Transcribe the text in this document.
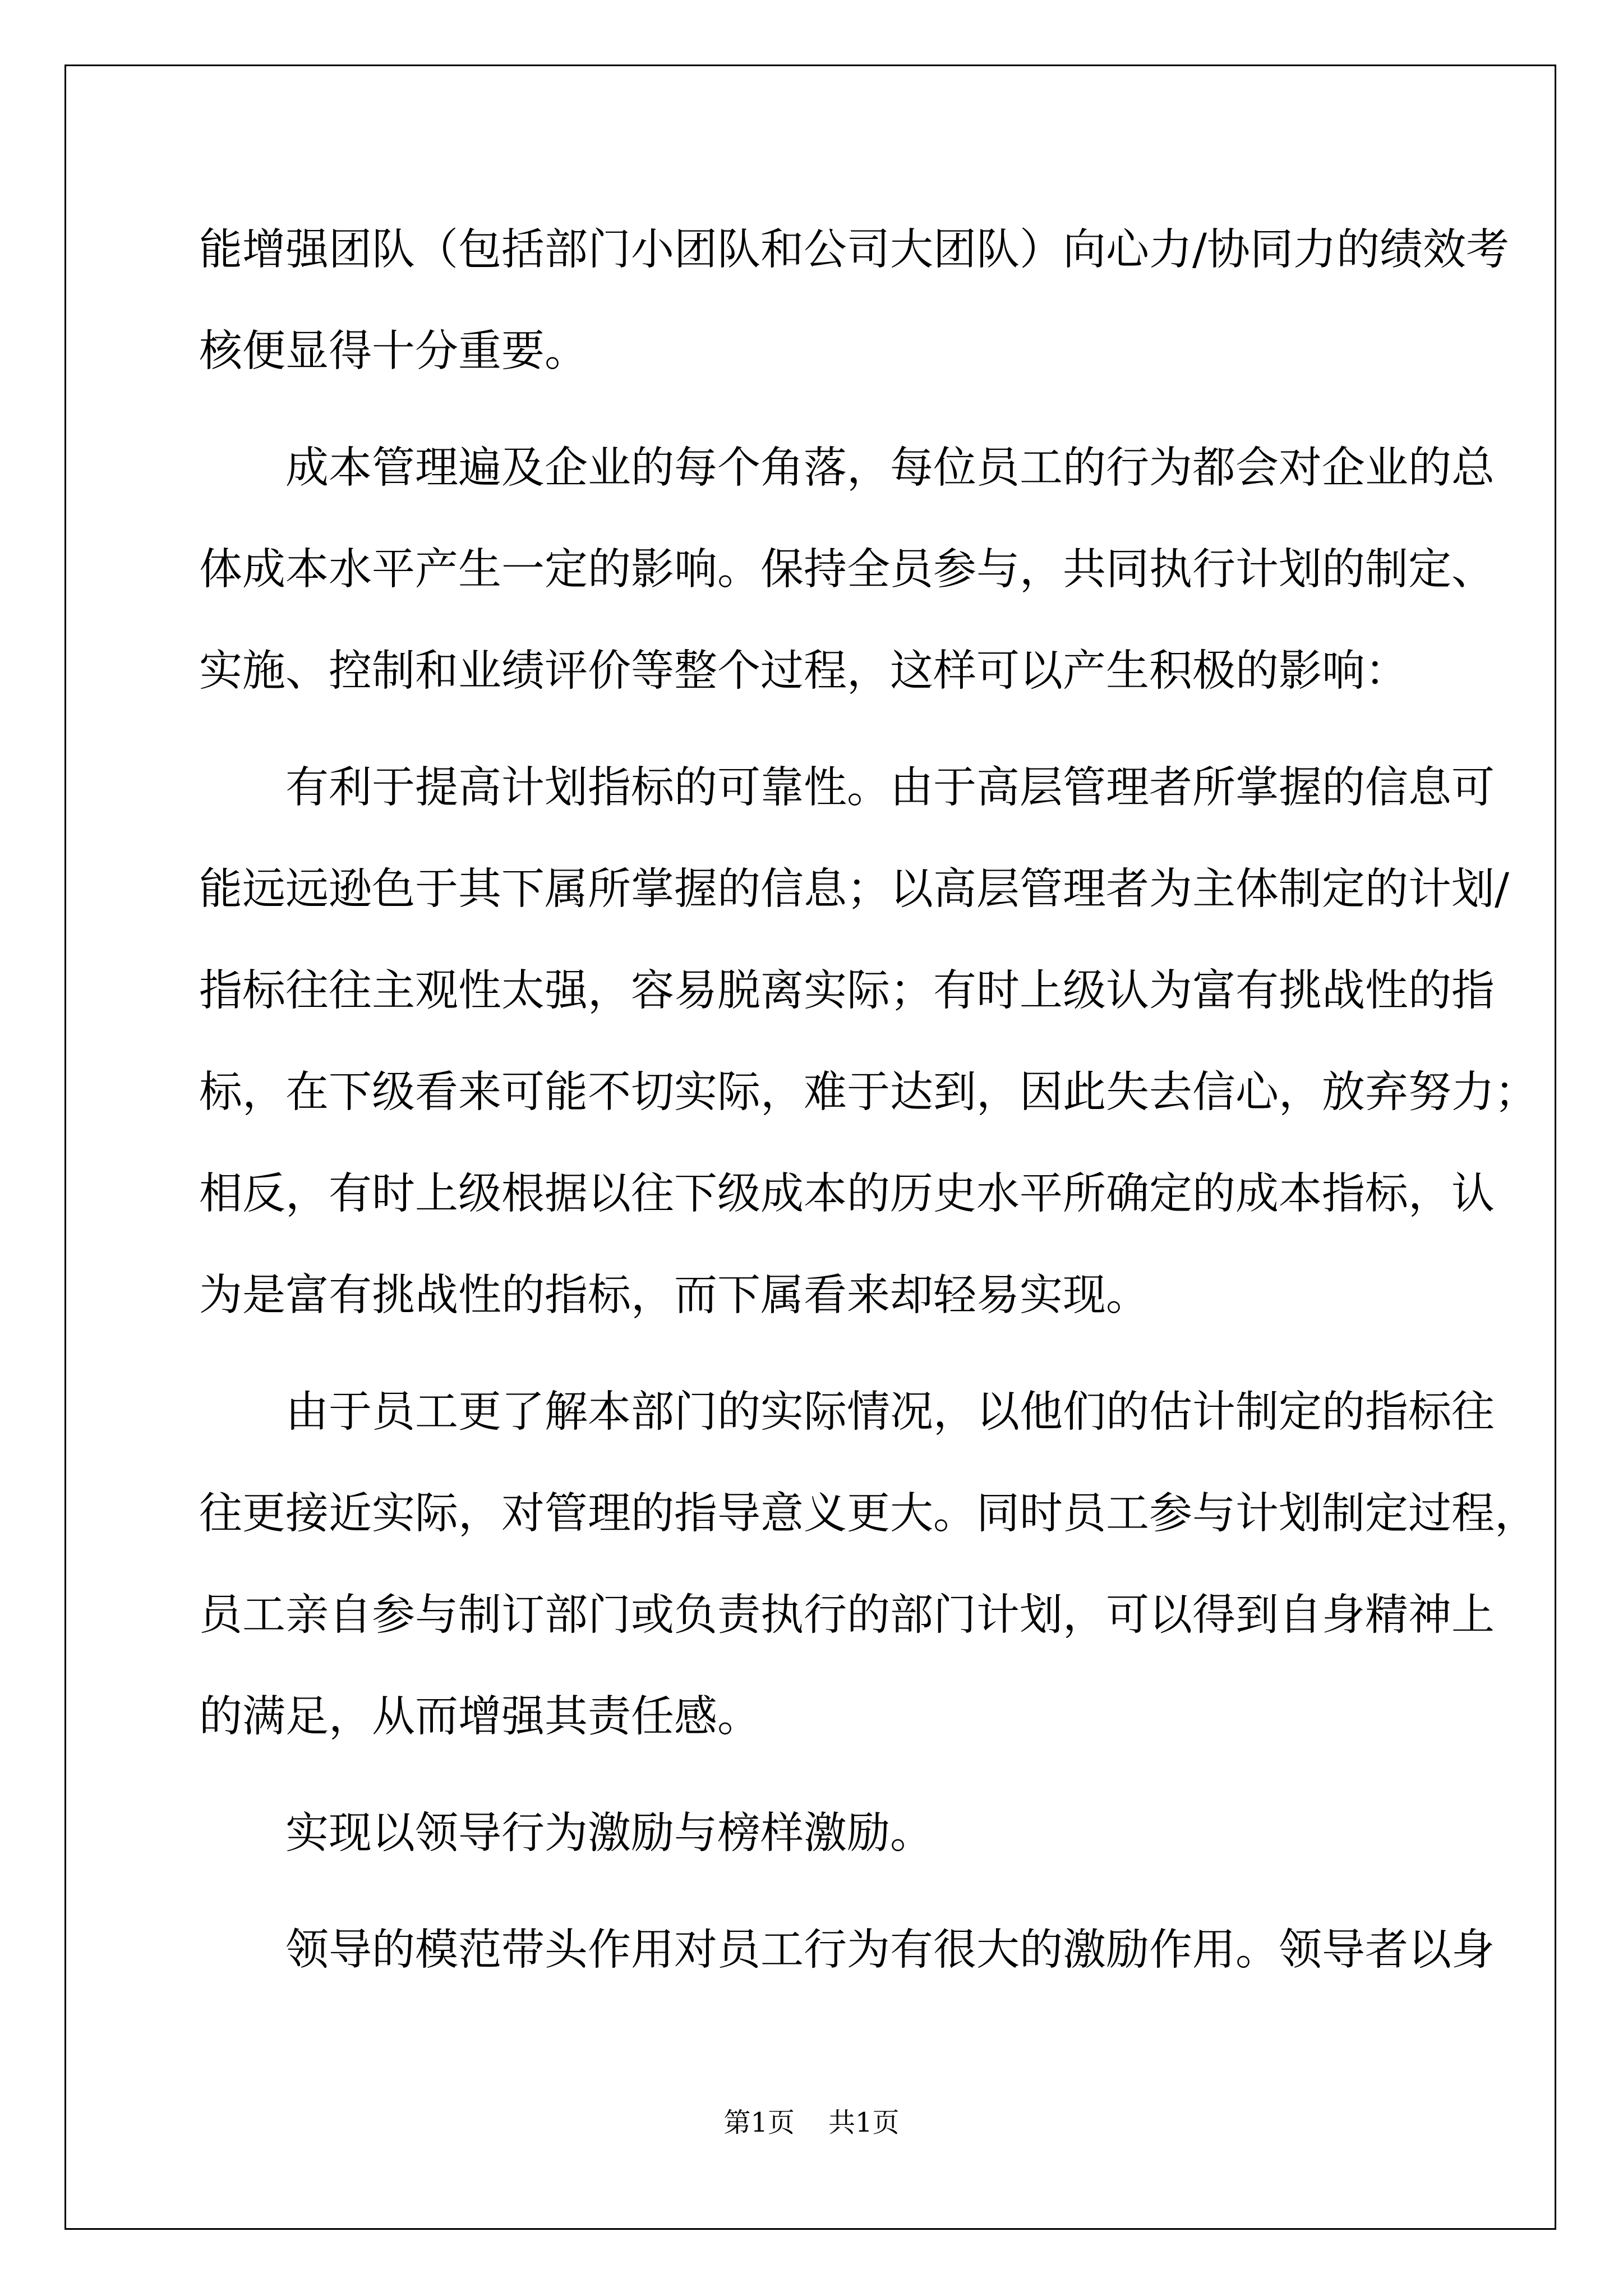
能增强团队（包括部门小团队和公司大团队）向心力/协同力的绩效考
核便显得十分重要。
成本管理遍及企业的每个角落，每位员工的行为都会对企业的总
体成本水平产生一定的影响。保持全员参与，共同执行计划的制定、
实施、控制和业绩评价等整个过程，这样可以产生积极的影响：
有利于提高计划指标的可靠性。由于高层管理者所掌握的信息可
能远远逊色于其下属所掌握的信息；以高层管理者为主体制定的计划/
指标往往主观性太强，容易脱离实际；有时上级认为富有挑战性的指
标，在下级看来可能不切实际，难于达到，因此失去信心，放弃努力；
相反，有时上级根据以往下级成本的历史水平所确定的成本指标，认
为是富有挑战性的指标，而下属看来却轻易实现。
由于员工更了解本部门的实际情况，以他们的估计制定的指标往
往更接近实际，对管理的指导意义更大。同时员工参与计划制定过程，
员工亲自参与制订部门或负责执行的部门计划，可以得到自身精神上
的满足，从而增强其责任感。
实现以领导行为激励与榜样激励。
领导的模范带头作用对员工行为有很大的激励作用。领导者以身
第1页 共1页
